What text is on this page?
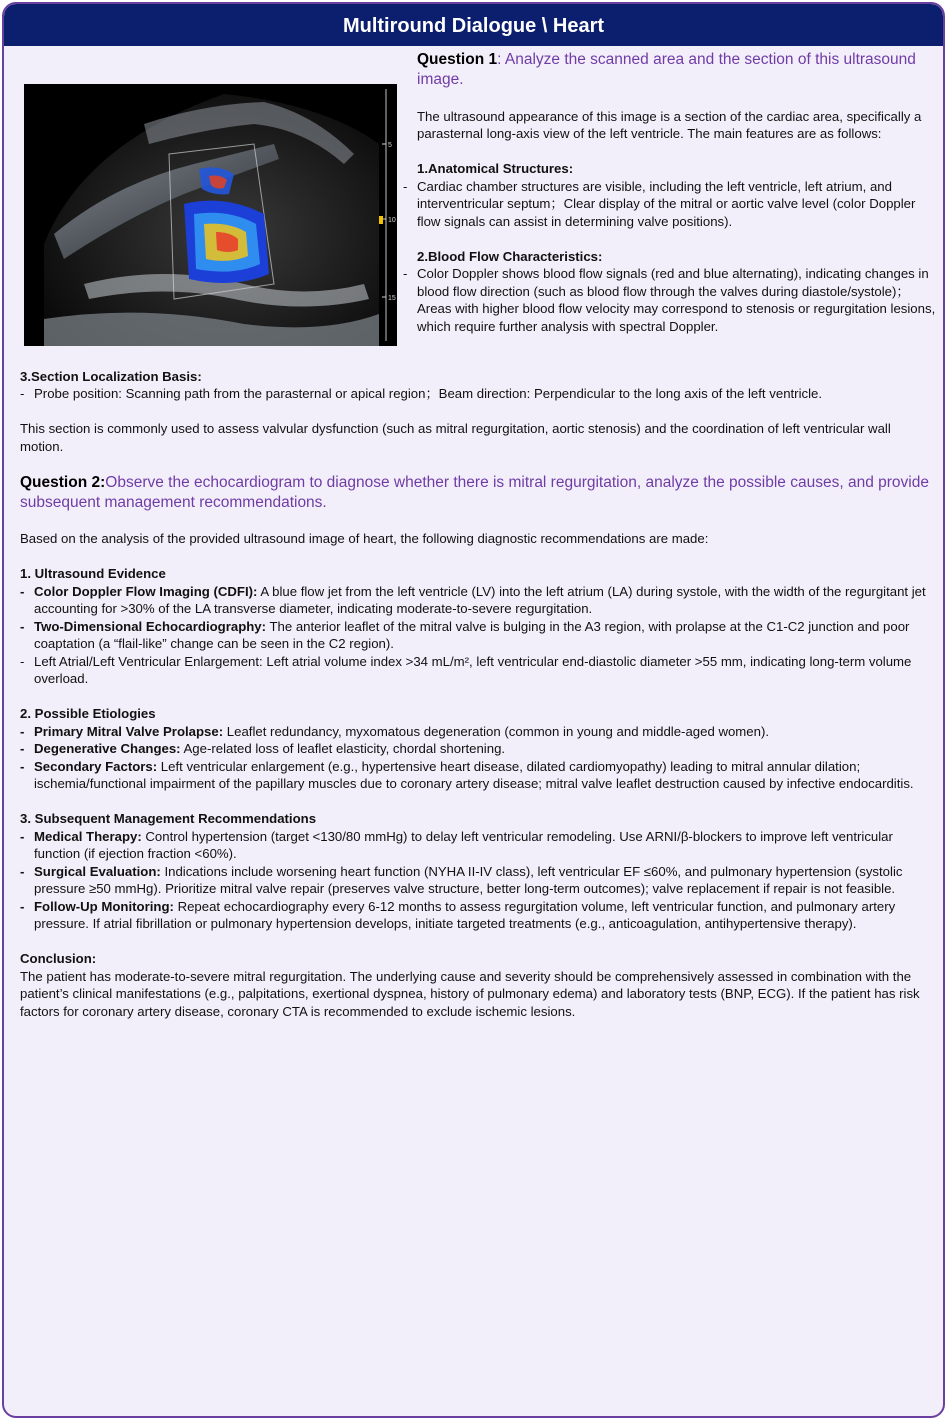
Multiround Dialogue \ Heart
5
10
15

Question 1: Analyze the scanned area and the section of this ultrasound image.

The ultrasound appearance of this image is a section of the cardiac area, specifically a parasternal long-axis view of the left ventricle. The main features are as follows:

1.Anatomical Structures:

- Cardiac chamber structures are visible, including the left ventricle, left atrium, and interventricular septum；Clear display of the mitral or aortic valve level (color Doppler flow signals can assist in determining valve positions).

2.Blood Flow Characteristics:

- Color Doppler shows blood flow signals (red and blue alternating), indicating changes in blood flow direction (such as blood flow through the valves during diastole/systole)；Areas with higher blood flow velocity may correspond to stenosis or regurgitation lesions, which require further analysis with spectral Doppler.

3.Section Localization Basis:

- Probe position: Scanning path from the parasternal or apical region；Beam direction: Perpendicular to the long axis of the left ventricle.

This section is commonly used to assess valvular dysfunction (such as mitral regurgitation, aortic stenosis) and the coordination of left ventricular wall motion.

Question 2:Observe the echocardiogram to diagnose whether there is mitral regurgitation, analyze the possible causes, and provide subsequent management recommendations.

Based on the analysis of the provided ultrasound image of heart, the following diagnostic recommendations are made:

1. Ultrasound Evidence

- Color Doppler Flow Imaging (CDFI): A blue flow jet from the left ventricle (LV) into the left atrium (LA) during systole, with the width of the regurgitant jet accounting for >30% of the LA transverse diameter, indicating moderate-to-severe regurgitation.

- Two-Dimensional Echocardiography: The anterior leaflet of the mitral valve is bulging in the A3 region, with prolapse at the C1-C2 junction and poor coaptation (a “flail-like” change can be seen in the C2 region).

- Left Atrial/Left Ventricular Enlargement: Left atrial volume index >34 mL/m², left ventricular end-diastolic diameter >55 mm, indicating long-term volume overload.

2. Possible Etiologies

- Primary Mitral Valve Prolapse: Leaflet redundancy, myxomatous degeneration (common in young and middle-aged women).

- Degenerative Changes: Age-related loss of leaflet elasticity, chordal shortening.

- Secondary Factors: Left ventricular enlargement (e.g., hypertensive heart disease, dilated cardiomyopathy) leading to mitral annular dilation; ischemia/functional impairment of the papillary muscles due to coronary artery disease; mitral valve leaflet destruction caused by infective endocarditis.

3. Subsequent Management Recommendations

- Medical Therapy: Control hypertension (target <130/80 mmHg) to delay left ventricular remodeling. Use ARNI/β-blockers to improve left ventricular function (if ejection fraction <60%).

- Surgical Evaluation: Indications include worsening heart function (NYHA II-IV class), left ventricular EF ≤60%, and pulmonary hypertension (systolic pressure ≥50 mmHg). Prioritize mitral valve repair (preserves valve structure, better long-term outcomes); valve replacement if repair is not feasible.

- Follow-Up Monitoring: Repeat echocardiography every 6-12 months to assess regurgitation volume, left ventricular function, and pulmonary artery pressure. If atrial fibrillation or pulmonary hypertension develops, initiate targeted treatments (e.g., anticoagulation, antihypertensive therapy).

Conclusion:

The patient has moderate-to-severe mitral regurgitation. The underlying cause and severity should be comprehensively assessed in combination with the patient’s clinical manifestations (e.g., palpitations, exertional dyspnea, history of pulmonary edema) and laboratory tests (BNP, ECG). If the patient has risk factors for coronary artery disease, coronary CTA is recommended to exclude ischemic lesions.
